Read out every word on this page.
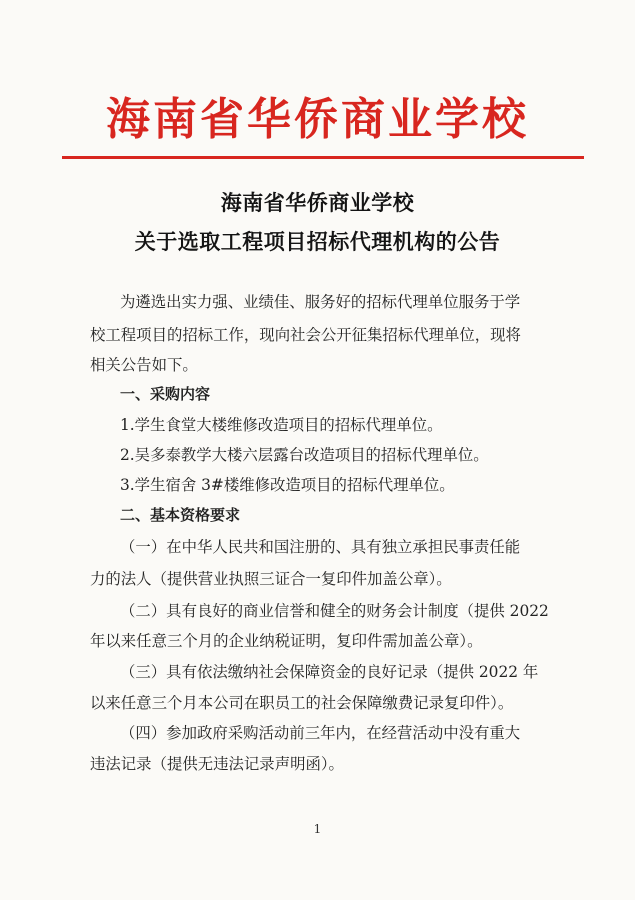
海南省华侨商业学校
海南省华侨商业学校
关于选取工程项目招标代理机构的公告
为遴选出实力强、业绩佳、服务好的招标代理单位服务于学
校工程项目的招标工作，现向社会公开征集招标代理单位，现将
相关公告如下。
一、采购内容
1.学生食堂大楼维修改造项目的招标代理单位。
2.吴多泰教学大楼六层露台改造项目的招标代理单位。
3.学生宿舍 3#楼维修改造项目的招标代理单位。
二、基本资格要求
（一）在中华人民共和国注册的、具有独立承担民事责任能
力的法人（提供营业执照三证合一复印件加盖公章）。
（二）具有良好的商业信誉和健全的财务会计制度（提供 2022
年以来任意三个月的企业纳税证明，复印件需加盖公章）。
（三）具有依法缴纳社会保障资金的良好记录（提供 2022 年
以来任意三个月本公司在职员工的社会保障缴费记录复印件）。
（四）参加政府采购活动前三年内，在经营活动中没有重大
违法记录（提供无违法记录声明函）。
1
